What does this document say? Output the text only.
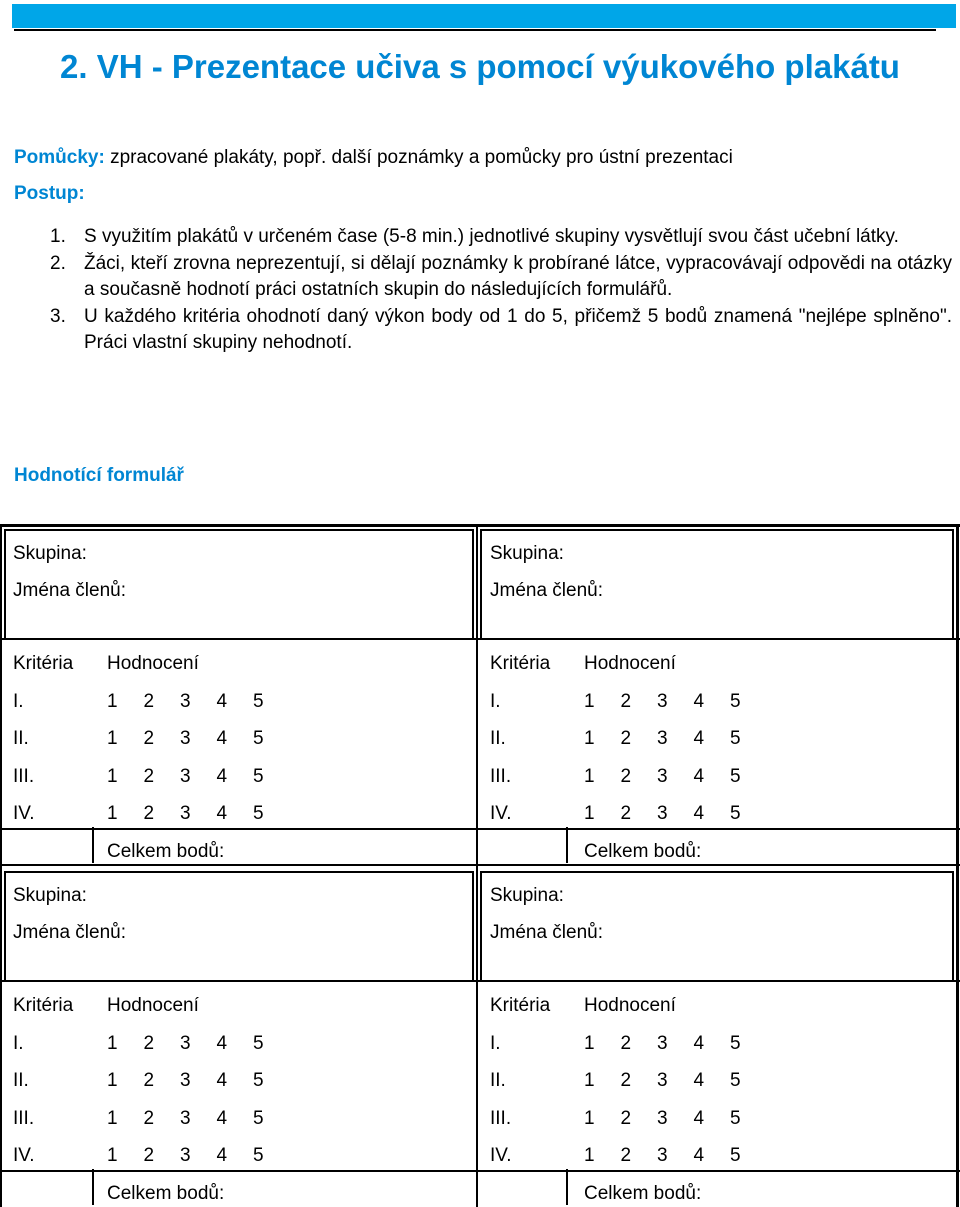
2. VH - Prezentace učiva s pomocí výukového plakátu
Pomůcky: zpracované plakáty, popř. další poznámky a pomůcky pro ústní prezentaci
Postup:
1. S využitím plakátů v určeném čase (5-8 min.) jednotlivé skupiny vysvětlují svou část učební látky.
2. Žáci, kteří zrovna neprezentují, si dělají poznámky k probírané látce, vypracovávají odpovědi na otázky a současně hodnotí práci ostatních skupin do následujících formulářů.
3. U každého kritéria ohodnotí daný výkon body od 1 do 5, přičemž 5 bodů znamená "nejlépe splněno". Práci vlastní skupiny nehodnotí.
Hodnotící formulář
Skupina:
Jména členů:
Kritéria Hodnocení
I.	1 2 3 4 5
II.	1 2 3 4 5
III.	1 2 3 4 5
IV.	1 2 3 4 5
Celkem bodů:
Skupina:
Jména členů:
Kritéria Hodnocení
I.	1 2 3 4 5
II.	1 2 3 4 5
III.	1 2 3 4 5
IV.	1 2 3 4 5
Celkem bodů:
Skupina:
Jména členů:
Kritéria Hodnocení
I.	1 2 3 4 5
II.	1 2 3 4 5
III.	1 2 3 4 5
IV.	1 2 3 4 5
Celkem bodů:
Skupina:
Jména členů:
Kritéria Hodnocení
I.	1 2 3 4 5
II.	1 2 3 4 5
III.	1 2 3 4 5
IV.	1 2 3 4 5
Celkem bodů:
